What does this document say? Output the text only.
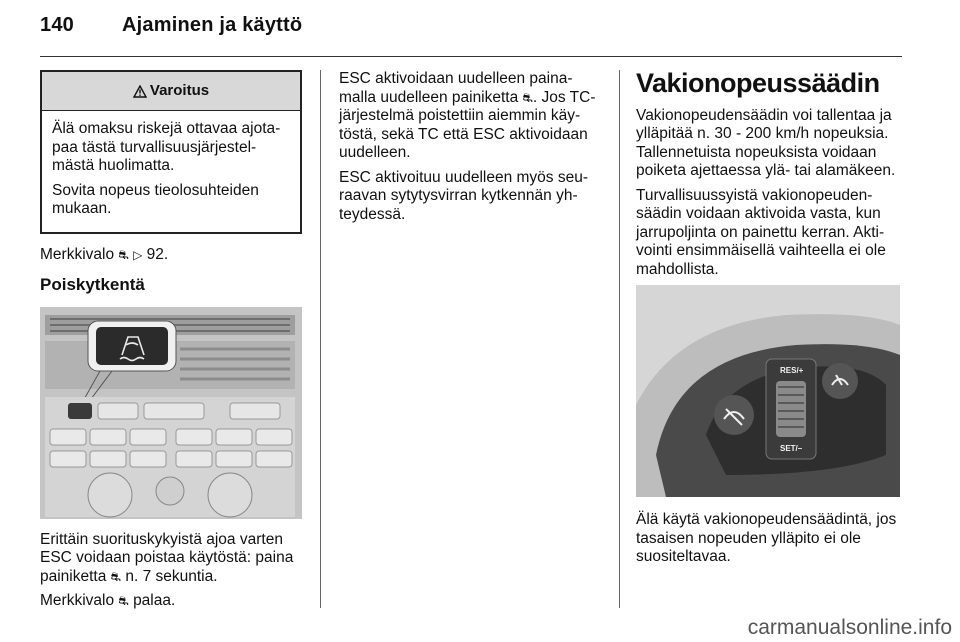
140 Ajaminen ja käyttö
Varoitus

Älä omaksu riskejä ottavaa ajota-paa tästä turvallisuusjärjestel-mästä huolimatta.

Sovita nopeus tieolosuhteiden mukaan.

Merkkivalo ⛐ ▷ 92.

Poiskytkentä

Erittäin suorituskykyistä ajoa varten ESC voidaan poistaa käytöstä: paina painiketta ⛐ n. 7 sekuntia.

Merkkivalo ⛐ palaa.

ESC aktivoidaan uudelleen paina-malla uudelleen painiketta ⛐. Jos TC-järjestelmä poistettiin aiemmin käy-töstä, sekä TC että ESC aktivoidaan uudelleen.

ESC aktivoituu uudelleen myös seu-raavan sytytysvirran kytkennän yh-teydessä.

Vakionopeussäädin

Vakionopeudensäädin voi tallentaa ja ylläpitää n. 30 - 200 km/h nopeuksia. Tallennetuista nopeuksista voidaan poiketa ajettaessa ylä- tai alamäkeen.

Turvallisuussyistä vakionopeuden-säädin voidaan aktivoida vasta, kun jarrupoljinta on painettu kerran. Akti-vointi ensimmäisellä vaihteella ei ole mahdollista.

RES/+
SET/–

Älä käytä vakionopeudensäädintä, jos tasaisen nopeuden ylläpito ei ole suositeltavaa.

carmanualsonline.info
